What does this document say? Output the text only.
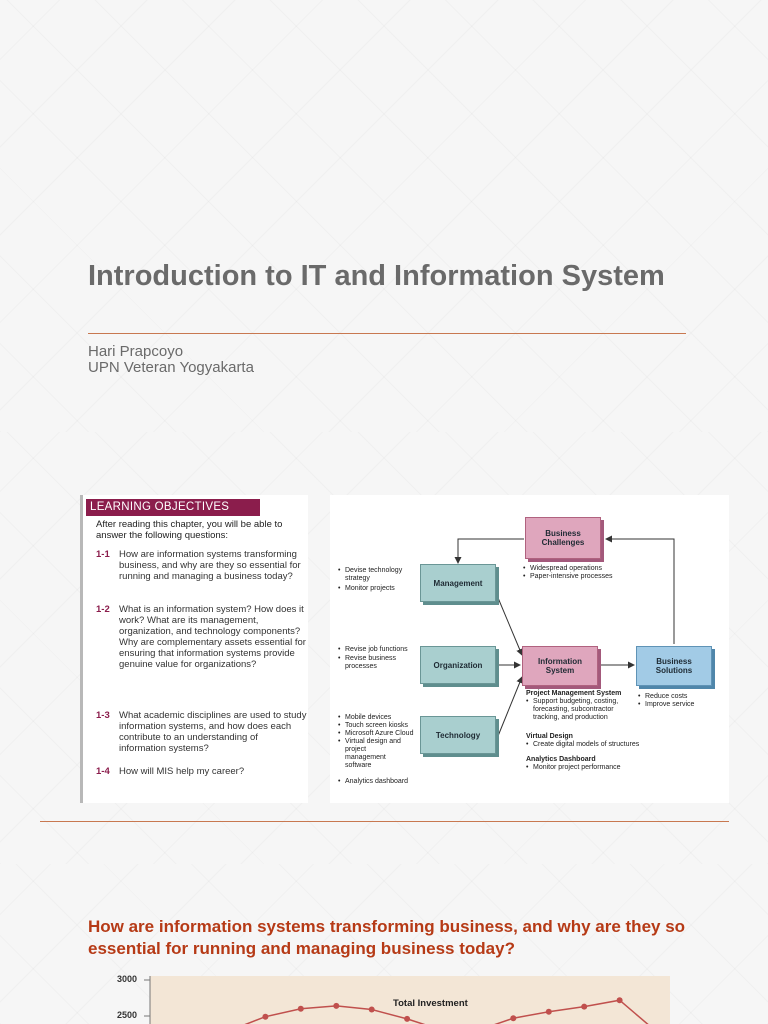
Introduction to IT and Information System
Hari Prapcoyo
UPN Veteran Yogyakarta
LEARNING OBJECTIVES
After reading this chapter, you will be able to answer the following questions:
1-1 How are information systems transforming business, and why are they so essential for running and managing a business today?
1-2 What is an information system? How does it work? What are its management, organization, and technology components? Why are complementary assets essential for ensuring that information systems provide genuine value for organizations?
1-3 What academic disciplines are used to study information systems, and how does each contribute to an understanding of information systems?
1-4 How will MIS help my career?
Business Challenges
Management
Organization
Technology
Information System
Business Solutions
• Widespread operations
• Paper-intensive processes
• Devise technology strategy
• Monitor projects
• Revise job functions
• Revise business processes
• Mobile devices
• Touch screen kiosks
• Microsoft Azure Cloud
• Virtual design and project management software
• Analytics dashboard
• Reduce costs
• Improve service
Project Management System
• Support budgeting, costing, forecasting, subcontractor tracking, and production
Virtual Design
• Create digital models of structures
Analytics Dashboard
• Monitor project performance
How are information systems transforming business, and why are they so essential for running and managing business today?
3000
2500
Total Investment
